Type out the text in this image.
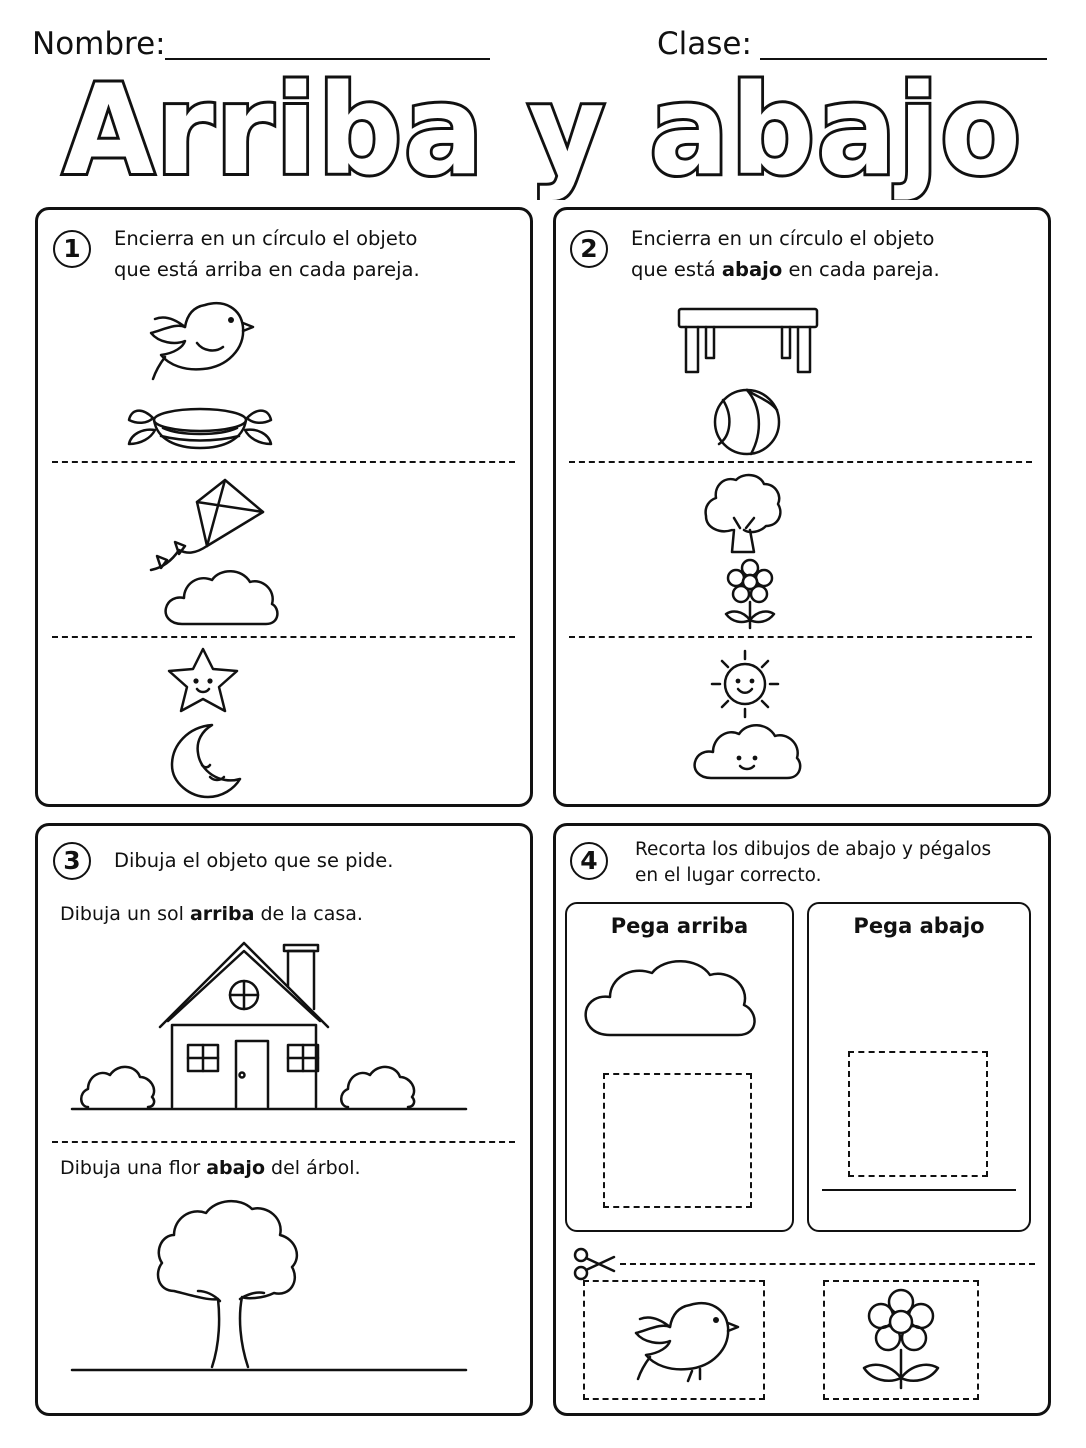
Nombre:	Clase:
Arriba y abajo
1	Encierra en un círculo el objeto
que está arriba en cada pareja.
2	Encierra en un círculo el objeto
que está abajo en cada pareja.
3	Dibuja el objeto que se pide.
Dibuja un sol arriba de la casa.
Dibuja una flor abajo del árbol.
4	Recorta los dibujos de abajo y pégalos
en el lugar correcto.
Pega arriba	Pega abajo
